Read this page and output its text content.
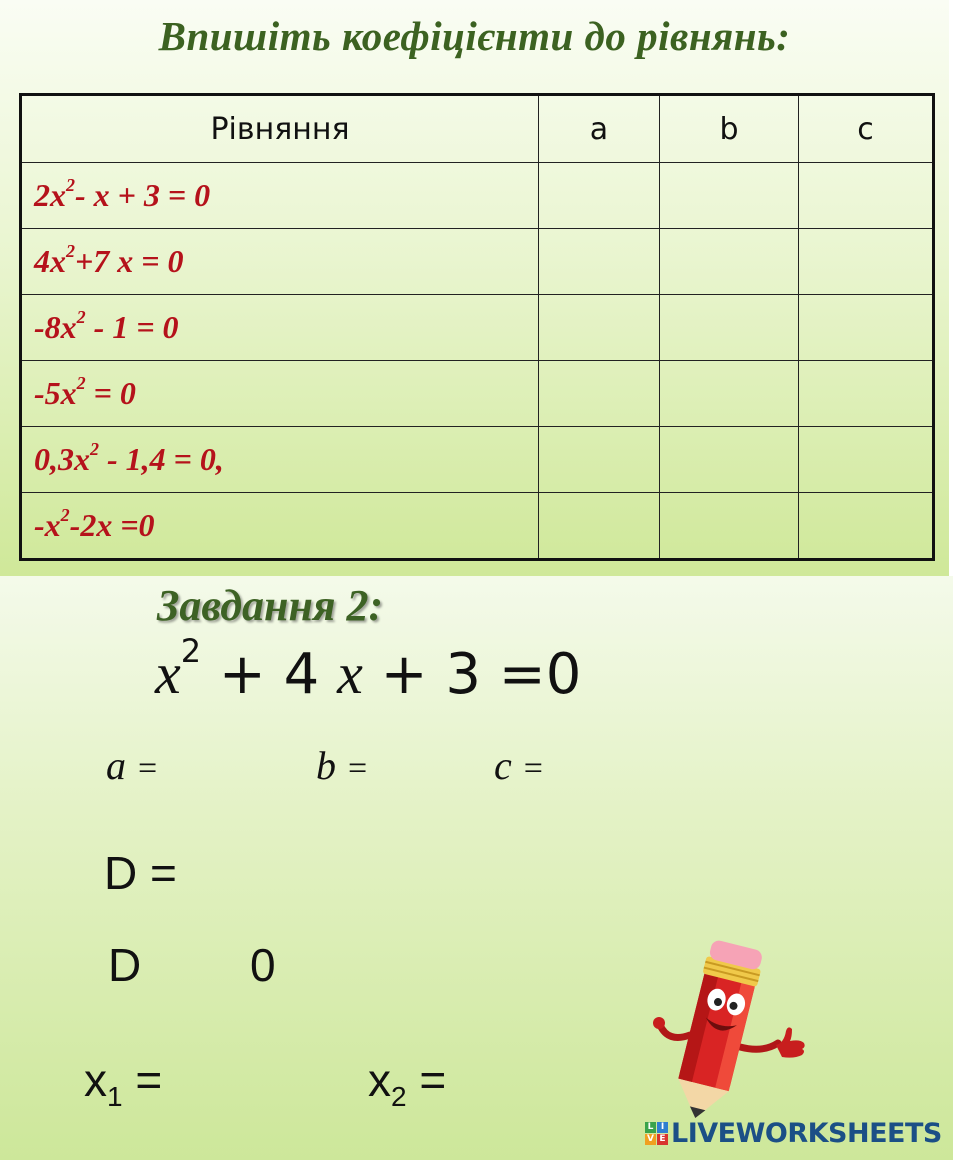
Впишіть коефіцієнти до рівнянь:
Рівняння	a	b	c
$2x^2-$ x + 3 = 0			
$4x^2+7$ x = 0			
$-8x^2 - 1 = 0$			
$-5x^2 = 0$			
$0,3x^2 - 1,4 = 0$,			
$-x^2-2x =0$			
Завдання 2:
$x^2 + 4$ x + 3 =0
a =	b =	c =
D =
D 0
$x_1$ =	$x_2$ =
L I
V E LIVEWORKSHEETS
